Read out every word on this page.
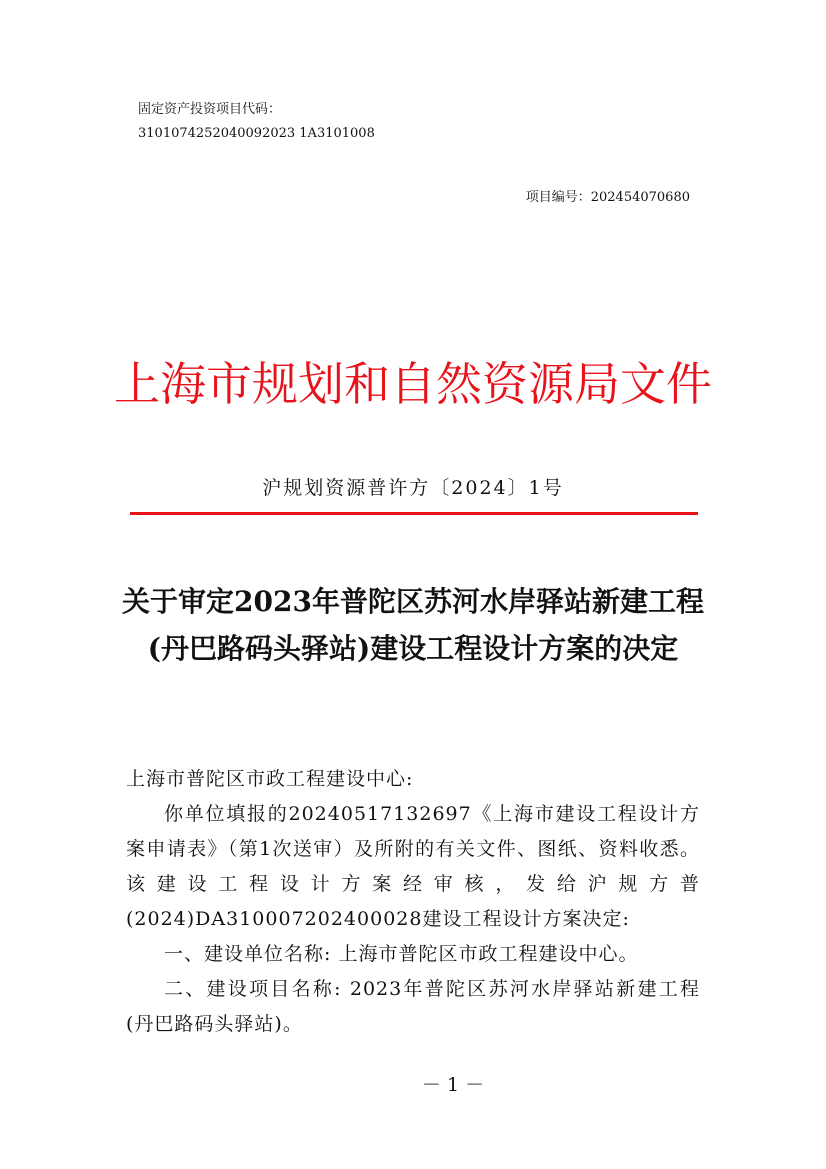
固定资产投资项目代码：
3101074252040092023 1A3101008
项目编号：202454070680
上海市规划和自然资源局文件
沪规划资源普许方〔2024〕1号
关于审定2023年普陀区苏河水岸驿站新建工程 (丹巴路码头驿站)建设工程设计方案的决定

上海市普陀区市政工程建设中心:

你单位填报的20240517132697《上海市建设工程设计方案申请表》（第1次送审）及所附的有关文件、图纸、资料收悉。该建设工程设计方案经审核，发给沪规方普(2024)DA310007202400028建设工程设计方案决定:

一、建设单位名称: 上海市普陀区市政工程建设中心。

二、建设项目名称: 2023年普陀区苏河水岸驿站新建工程 (丹巴路码头驿站)。

－ 1 －
